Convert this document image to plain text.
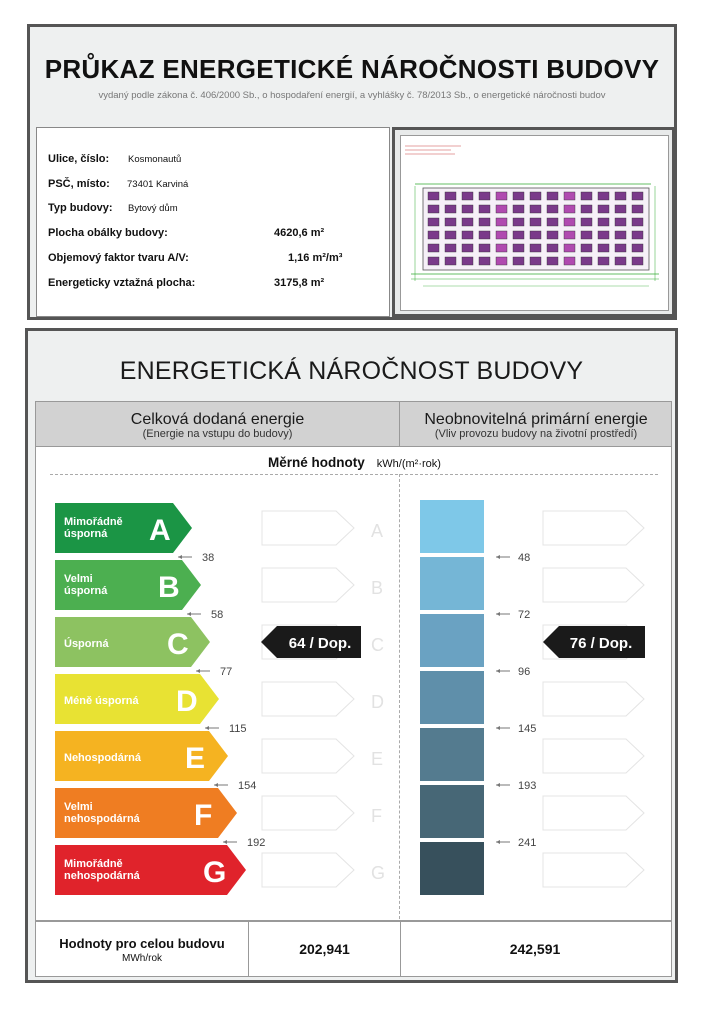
PRŮKAZ ENERGETICKÉ NÁROČNOSTI BUDOVY
vydaný podle zákona č. 406/2000 Sb., o hospodaření energií, a vyhlášky č. 78/2013 Sb., o energetické náročnosti budov
Ulice, číslo: Kosmonautů
PSČ, místo: 73401 Karviná
Typ budovy: Bytový dům
Plocha obálky budovy:	4620,6 m²
Objemový faktor tvaru A/V:	1,16 m²/m³
Energeticky vztažná plocha:	3175,8 m²
ENERGETICKÁ NÁROČNOST BUDOVY
Celková dodaná energie
(Energie na vstupu do budovy)
Neobnovitelná primární energie
(Vliv provozu budovy na životní prostředí)
Měrné hodnoty kWh/(m²·rok)
Mimořádně
úsporná A	A
Velmi
úsporná B	B
Úsporná C	C
Méně úsporná D	D
Nehospodárná E	E
Velmi
nehospodárná F	F
Mimořádně
nehospodárná G	G
38
58
77
115
154
192
48
72
96
145
193
241
64 / Dop.	76 / Dop.
Hodnoty pro celou budovu
MWh/rok
202,941	242,591
